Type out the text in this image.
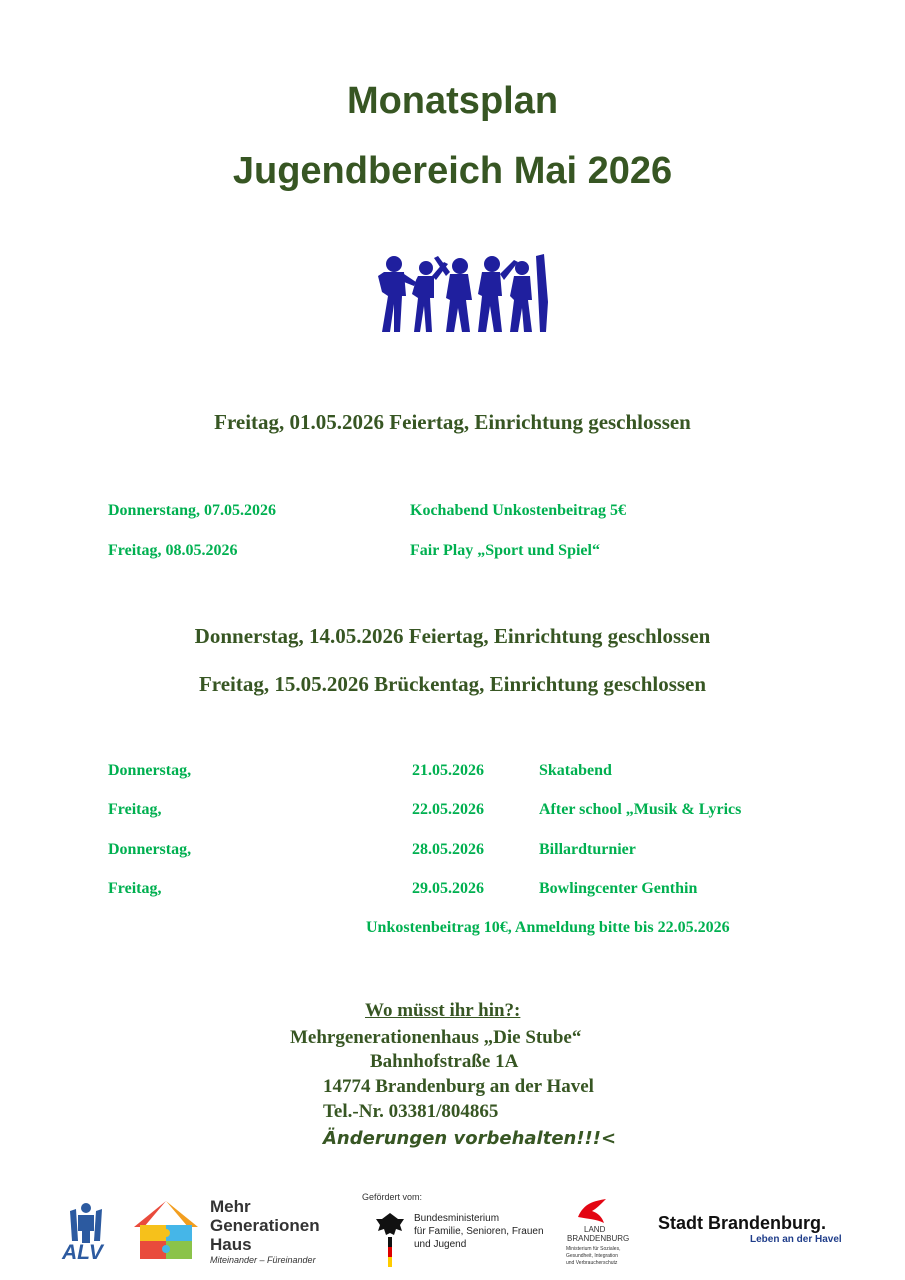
Monatsplan
Jugendbereich Mai 2026
Freitag, 01.05.2026 Feiertag, Einrichtung geschlossen
Donnerstang, 07.05.2026	Kochabend Unkostenbeitrag 5€
Freitag, 08.05.2026	Fair Play „Sport und Spiel“
Donnerstag, 14.05.2026 Feiertag, Einrichtung geschlossen
Freitag, 15.05.2026 Brückentag, Einrichtung geschlossen
Donnerstag,	21.05.2026	Skatabend
Freitag,	22.05.2026	After school „Musik & Lyrics
Donnerstag,	28.05.2026	Billardturnier
Freitag,	29.05.2026	Bowlingcenter Genthin
Unkostenbeitrag 10€, Anmeldung bitte bis 22.05.2026
Wo müsst ihr hin?:
Mehrgenerationenhaus „Die Stube“
Bahnhofstraße 1A
14774 Brandenburg an der Havel
Tel.-Nr. 03381/804865
Änderungen vorbehalten!!!<
ALV
Mehr
Generationen
Haus
Miteinander – Füreinander
Gefördert vom:
Bundesministerium
für Familie, Senioren, Frauen
und Jugend
LAND
BRANDENBURG
Ministerium für Soziales,
Gesundheit, Integration
und Verbraucherschutz
Stadt Brandenburg.
Leben an der Havel
